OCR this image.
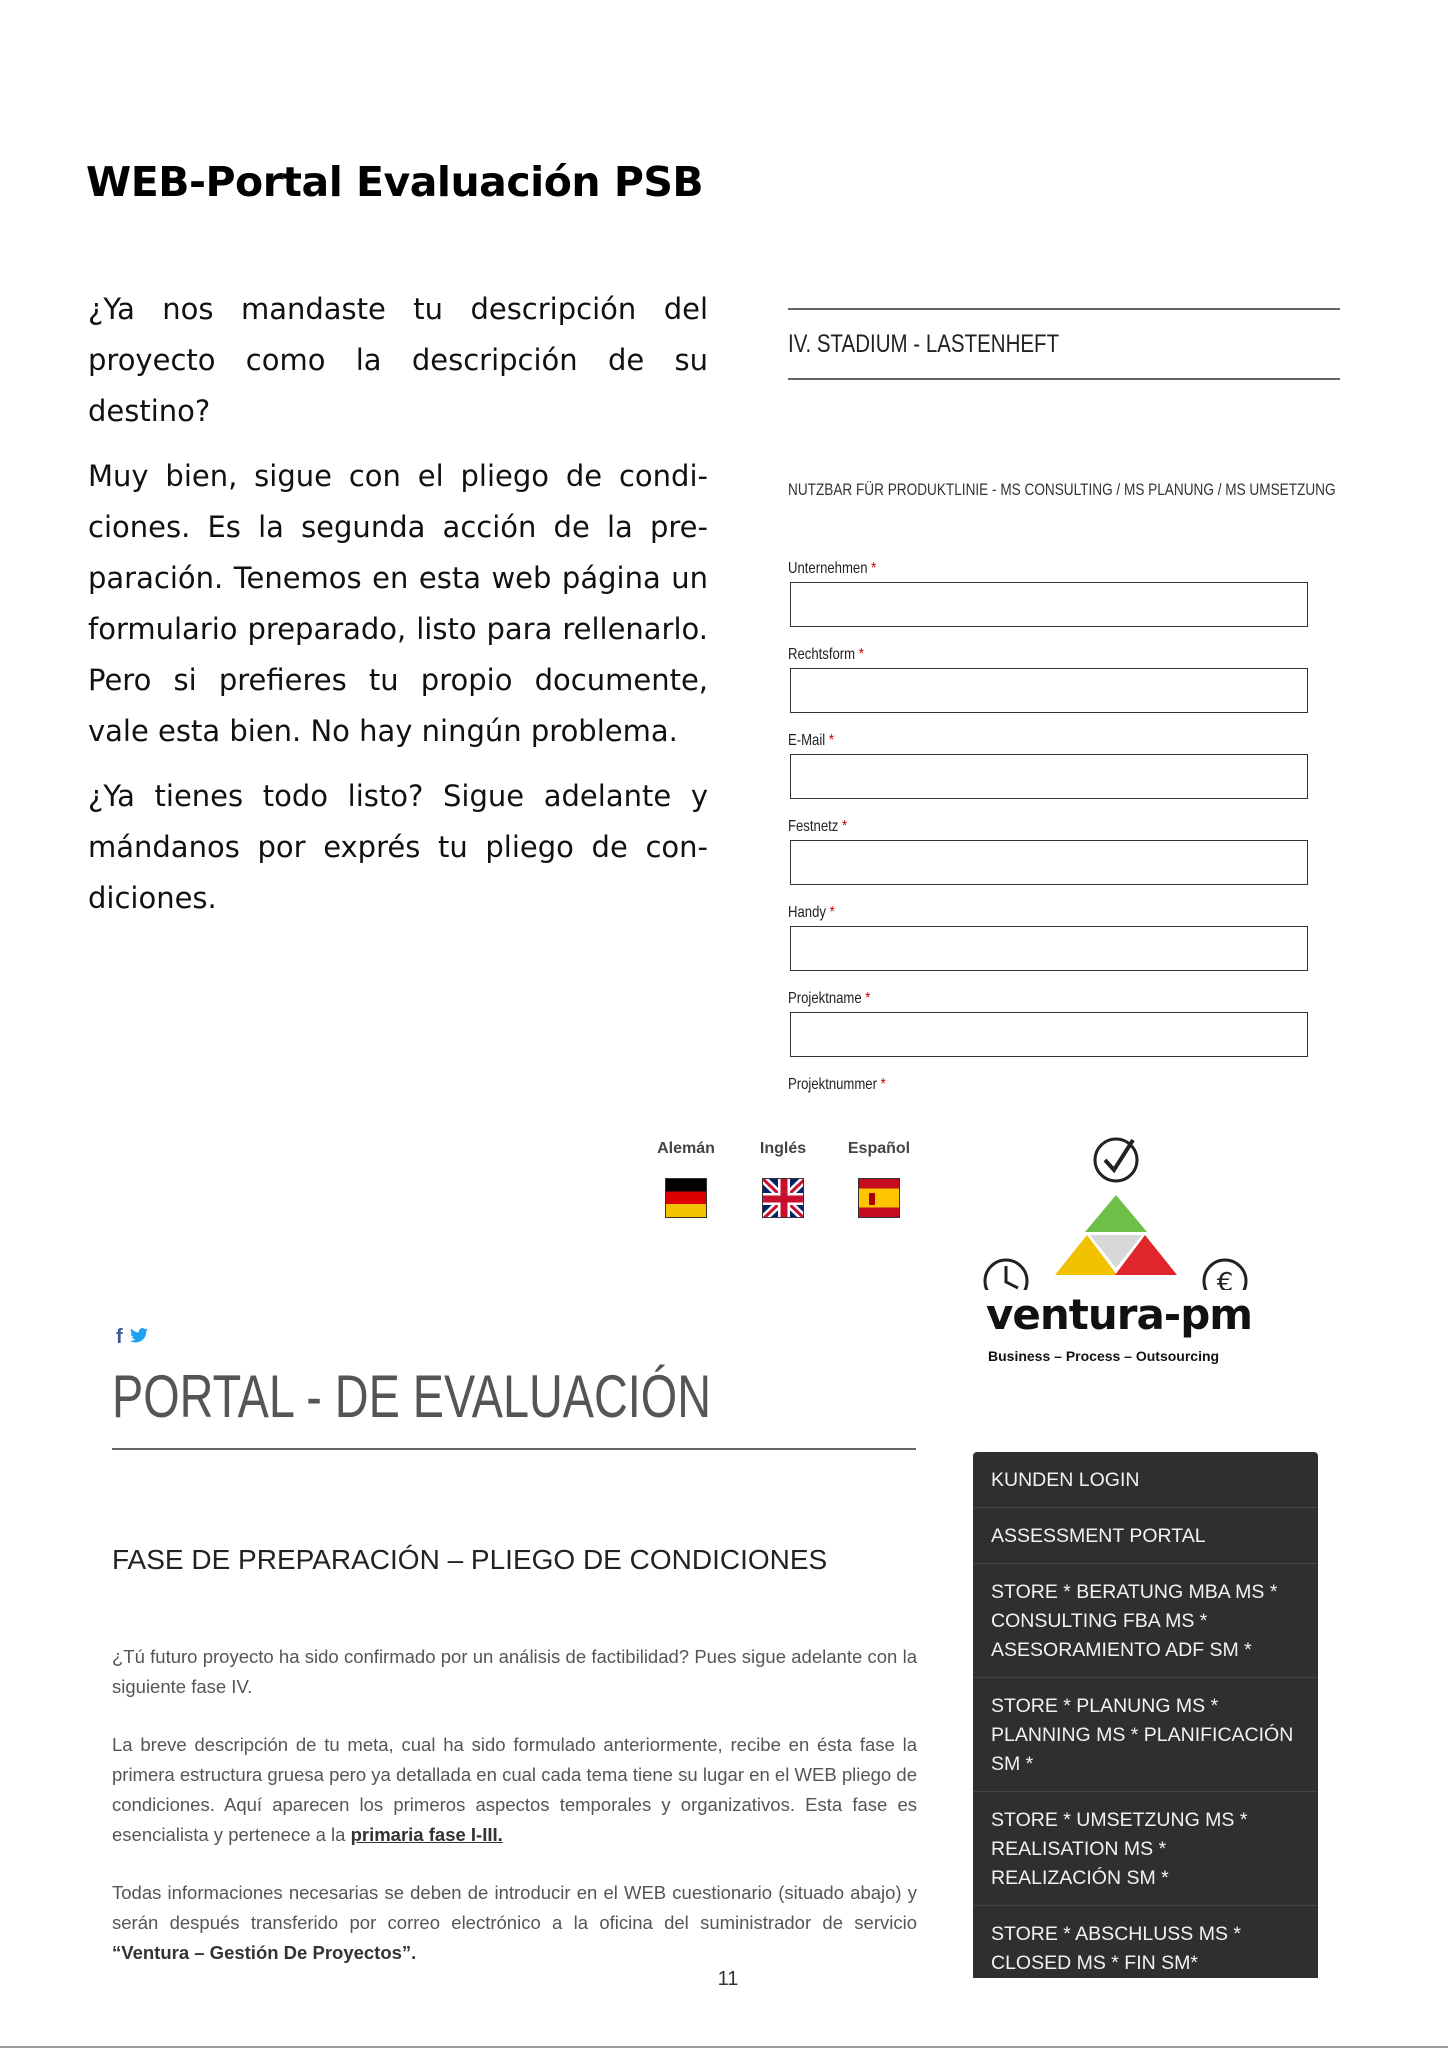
WEB-Portal Evaluación PSB

¿Ya nos mandaste tu descripción del proyecto como la descripción de su destino?

Muy bien, sigue con el pliego de condiciones. Es la segunda acción de la preparación. Tenemos en esta web página un formulario preparado, listo para rellenarlo. Pero si prefieres tu propio documente, vale esta bien. No hay ningún problema.

¿Ya tienes todo listo? Sigue adelante y mándanos por exprés tu pliego de condiciones.

IV. STADIUM - LASTENHEFT
NUTZBAR FÜR PRODUKTLINIE - MS CONSULTING / MS PLANUNG / MS UMSETZUNG
Unternehmen *
Rechtsform *
E-Mail *
Festnetz *
Handy *
Projektname *
Projektnummer *
Alemán	Inglés	Español
€
ventura-pm
Business – Process – Outsourcing
f
PORTAL - DE EVALUACIÓN
FASE DE PREPARACIÓN – PLIEGO DE CONDICIONES

¿Tú futuro proyecto ha sido confirmado por un análisis de factibilidad? Pues sigue adelante con la siguiente fase IV.

La breve descripción de tu meta, cual ha sido formulado anteriormente, recibe en ésta fase la primera estructura gruesa pero ya detallada en cual cada tema tiene su lugar en el WEB pliego de condiciones. Aquí aparecen los primeros aspectos temporales y organizativos. Esta fase es esencialista y pertenece a la primaria fase I-III.

Todas informaciones necesarias se deben de introducir en el WEB cuestionario (situado abajo) y serán después transferido por correo electrónico a la oficina del suministrador de servicio “Ventura – Gestión De Proyectos”.

KUNDEN LOGIN
ASSESSMENT PORTAL
STORE * BERATUNG MBA MS * CONSULTING FBA MS * ASESORAMIENTO ADF SM *
STORE * PLANUNG MS * PLANNING MS * PLANIFICACIÓN SM *
STORE * UMSETZUNG MS * REALISATION MS * REALIZACIÓN SM *
STORE * ABSCHLUSS MS * CLOSED MS * FIN SM*
11
